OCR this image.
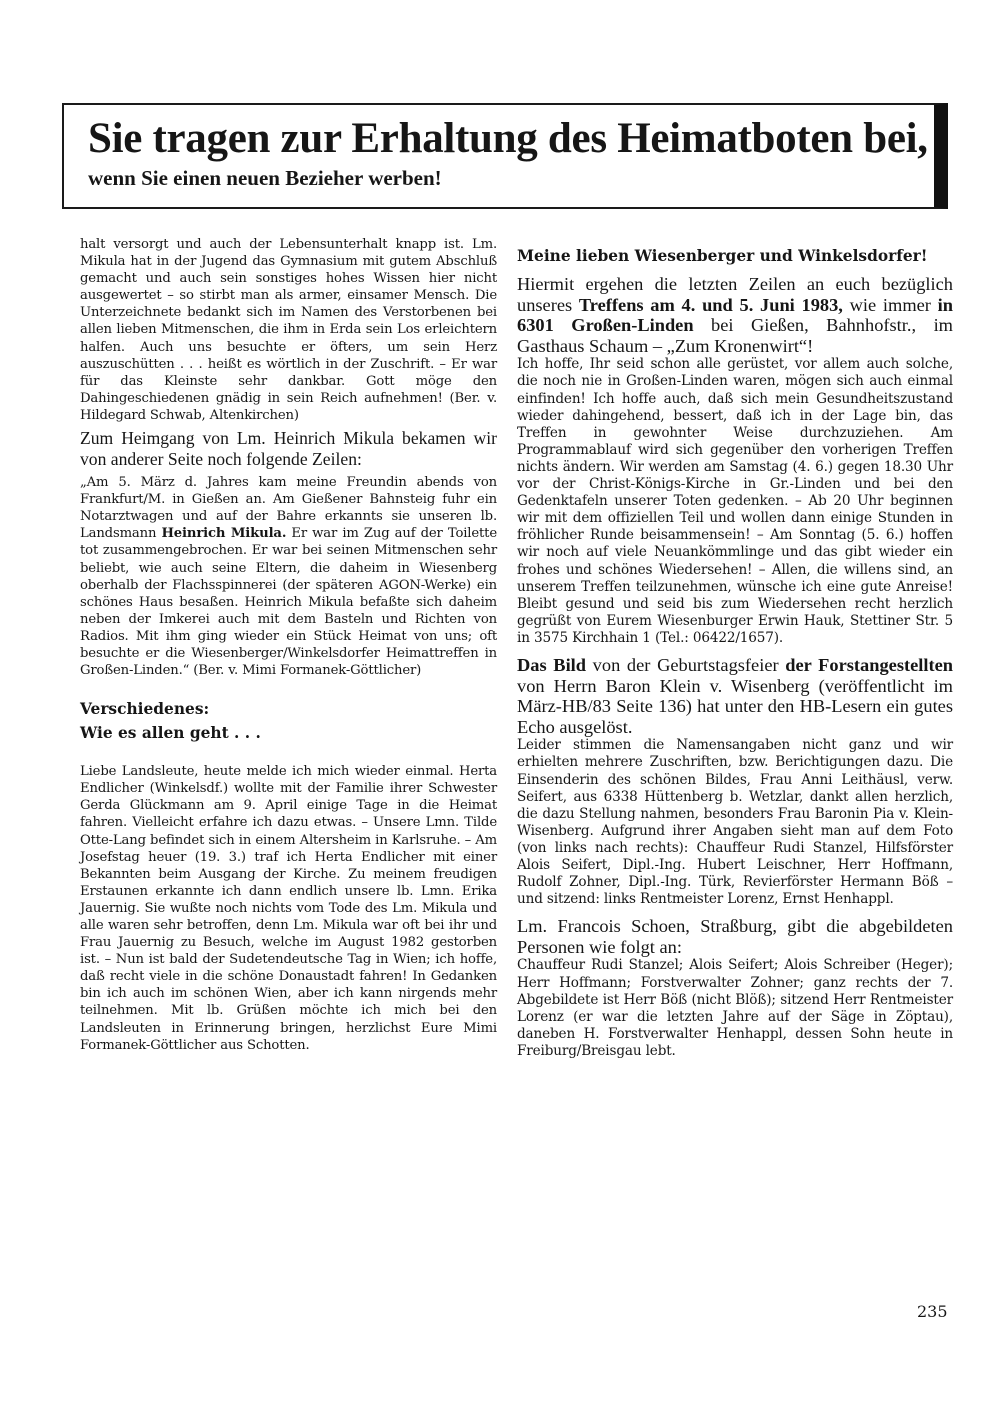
Sie tragen zur Erhaltung des Heimatboten bei,
wenn Sie einen neuen Bezieher werben!

halt versorgt und auch der Lebensunterhalt knapp ist. Lm. Mikula hat in der Jugend das Gymnasium mit gutem Abschluß gemacht und auch sein sonstiges hohes Wissen hier nicht ausgewertet – so stirbt man als armer, einsamer Mensch. Die Unterzeichnete bedankt sich im Namen des Verstorbenen bei allen lieben Mitmenschen, die ihm in Erda sein Los erleichtern halfen. Auch uns besuchte er öfters, um sein Herz auszuschütten . . . heißt es wörtlich in der Zuschrift. – Er war für das Kleinste sehr dankbar. Gott möge den Dahingeschiedenen gnädig in sein Reich aufnehmen! (Ber. v. Hildegard Schwab, Altenkirchen)

Zum Heimgang von Lm. Heinrich Mikula bekamen wir von anderer Seite noch folgende Zeilen:

„Am 5. März d. Jahres kam meine Freundin abends von Frankfurt/M. in Gießen an. Am Gießener Bahnsteig fuhr ein Notarztwagen und auf der Bahre erkannts sie unseren lb. Landsmann Heinrich Mikula. Er war im Zug auf der Toilette tot zusammengebrochen. Er war bei seinen Mitmenschen sehr beliebt, wie auch seine Eltern, die daheim in Wiesenberg oberhalb der Flachsspinnerei (der späteren AGON-Werke) ein schönes Haus besaßen. Heinrich Mikula befaßte sich daheim neben der Imkerei auch mit dem Basteln und Richten von Radios. Mit ihm ging wieder ein Stück Heimat von uns; oft besuchte er die Wiesenberger/Winkelsdorfer Heimattreffen in Großen-Linden.“ (Ber. v. Mimi Formanek-Göttlicher)

Verschiedenes:

Wie es allen geht . . .

Liebe Landsleute, heute melde ich mich wieder einmal. Herta Endlicher (Winkelsdf.) wollte mit der Familie ihrer Schwester Gerda Glückmann am 9. April einige Tage in die Heimat fahren. Vielleicht erfahre ich dazu etwas. – Unsere Lmn. Tilde Otte-Lang befindet sich in einem Altersheim in Karlsruhe. – Am Josefstag heuer (19. 3.) traf ich Herta Endlicher mit einer Bekannten beim Ausgang der Kirche. Zu meinem freudigen Erstaunen erkannte ich dann endlich unsere lb. Lmn. Erika Jauernig. Sie wußte noch nichts vom Tode des Lm. Mikula und alle waren sehr betroffen, denn Lm. Mikula war oft bei ihr und Frau Jauernig zu Besuch, welche im August 1982 gestorben ist. – Nun ist bald der Sudetendeutsche Tag in Wien; ich hoffe, daß recht viele in die schöne Donaustadt fahren! In Gedanken bin ich auch im schönen Wien, aber ich kann nirgends mehr teilnehmen. Mit lb. Grüßen möchte ich mich bei den Landsleuten in Erinnerung bringen, herzlichst Eure Mimi Formanek-Göttlicher aus Schotten.

Meine lieben Wiesenberger und Winkelsdorfer!

Hiermit ergehen die letzten Zeilen an euch bezüglich unseres Treffens am 4. und 5. Juni 1983, wie immer in 6301 Großen-Linden bei Gießen, Bahnhofstr., im Gasthaus Schaum – „Zum Kronenwirt“!

Ich hoffe, Ihr seid schon alle gerüstet, vor allem auch solche, die noch nie in Großen-Linden waren, mögen sich auch einmal einfinden! Ich hoffe auch, daß sich mein Gesundheitszustand wieder dahingehend, bessert, daß ich in der Lage bin, das Treffen in gewohnter Weise durchzuziehen. Am Programmablauf wird sich gegenüber den vorherigen Treffen nichts ändern. Wir werden am Samstag (4. 6.) gegen 18.30 Uhr vor der Christ-Königs-Kirche in Gr.-Linden und bei den Gedenktafeln unserer Toten gedenken. – Ab 20 Uhr beginnen wir mit dem offiziellen Teil und wollen dann einige Stunden in fröhlicher Runde beisammensein! – Am Sonntag (5. 6.) hoffen wir noch auf viele Neuankömmlinge und das gibt wieder ein frohes und schönes Wiedersehen! – Allen, die willens sind, an unserem Treffen teilzunehmen, wünsche ich eine gute Anreise! Bleibt gesund und seid bis zum Wiedersehen recht herzlich gegrüßt von Eurem Wiesenburger Erwin Hauk, Stettiner Str. 5 in 3575 Kirchhain 1 (Tel.: 06422/1657).

Das Bild von der Geburtstagsfeier der Forstangestellten von Herrn Baron Klein v. Wisenberg (veröffentlicht im März-HB/83 Seite 136) hat unter den HB-Lesern ein gutes Echo ausgelöst.

Leider stimmen die Namensangaben nicht ganz und wir erhielten mehrere Zuschriften, bzw. Berichtigungen dazu. Die Einsenderin des schönen Bildes, Frau Anni Leithäusl, verw. Seifert, aus 6338 Hüttenberg b. Wetzlar, dankt allen herzlich, die dazu Stellung nahmen, besonders Frau Baronin Pia v. Klein-Wisenberg. Aufgrund ihrer Angaben sieht man auf dem Foto (von links nach rechts): Chauffeur Rudi Stanzel, Hilfsförster Alois Seifert, Dipl.-Ing. Hubert Leischner, Herr Hoffmann, Rudolf Zohner, Dipl.-Ing. Türk, Revierförster Hermann Böß – und sitzend: links Rentmeister Lorenz, Ernst Henhappl.

Lm. Francois Schoen, Straßburg, gibt die abgebildeten Personen wie folgt an:

Chauffeur Rudi Stanzel; Alois Seifert; Alois Schreiber (Heger); Herr Hoffmann; Forstverwalter Zohner; ganz rechts der 7. Abgebildete ist Herr Böß (nicht Blöß); sitzend Herr Rentmeister Lorenz (er war die letzten Jahre auf der Säge in Zöptau), daneben H. Forstverwalter Henhappl, dessen Sohn heute in Freiburg/Breisgau lebt.

235
